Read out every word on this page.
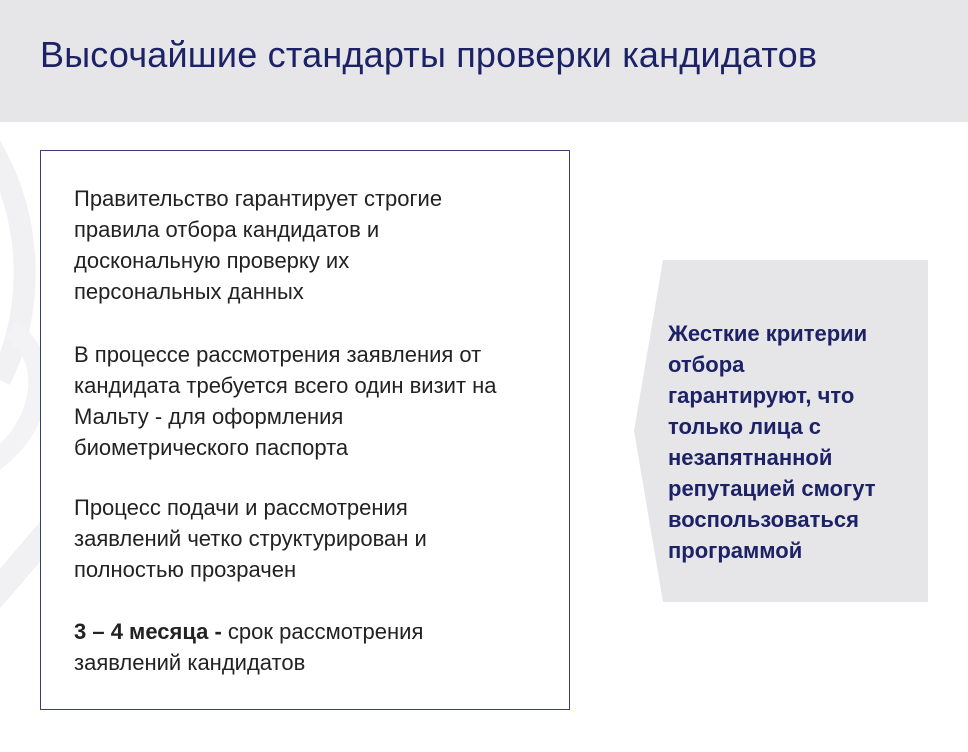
Высочайшие стандарты проверки кандидатов

Правительство гарантирует строгие
правила отбора кандидатов и
доскональную проверку их
персональных данных

В процессе рассмотрения заявления от
кандидата требуется всего один визит на
Мальту - для оформления
биометрического паспорта

Процесс подачи и рассмотрения
заявлений четко структурирован и
полностью прозрачен

3 – 4 месяца - срок рассмотрения
заявлений кандидатов

Жесткие критерии
отбора
гарантируют, что
только лица с
незапятнанной
репутацией смогут
воспользоваться
программой
